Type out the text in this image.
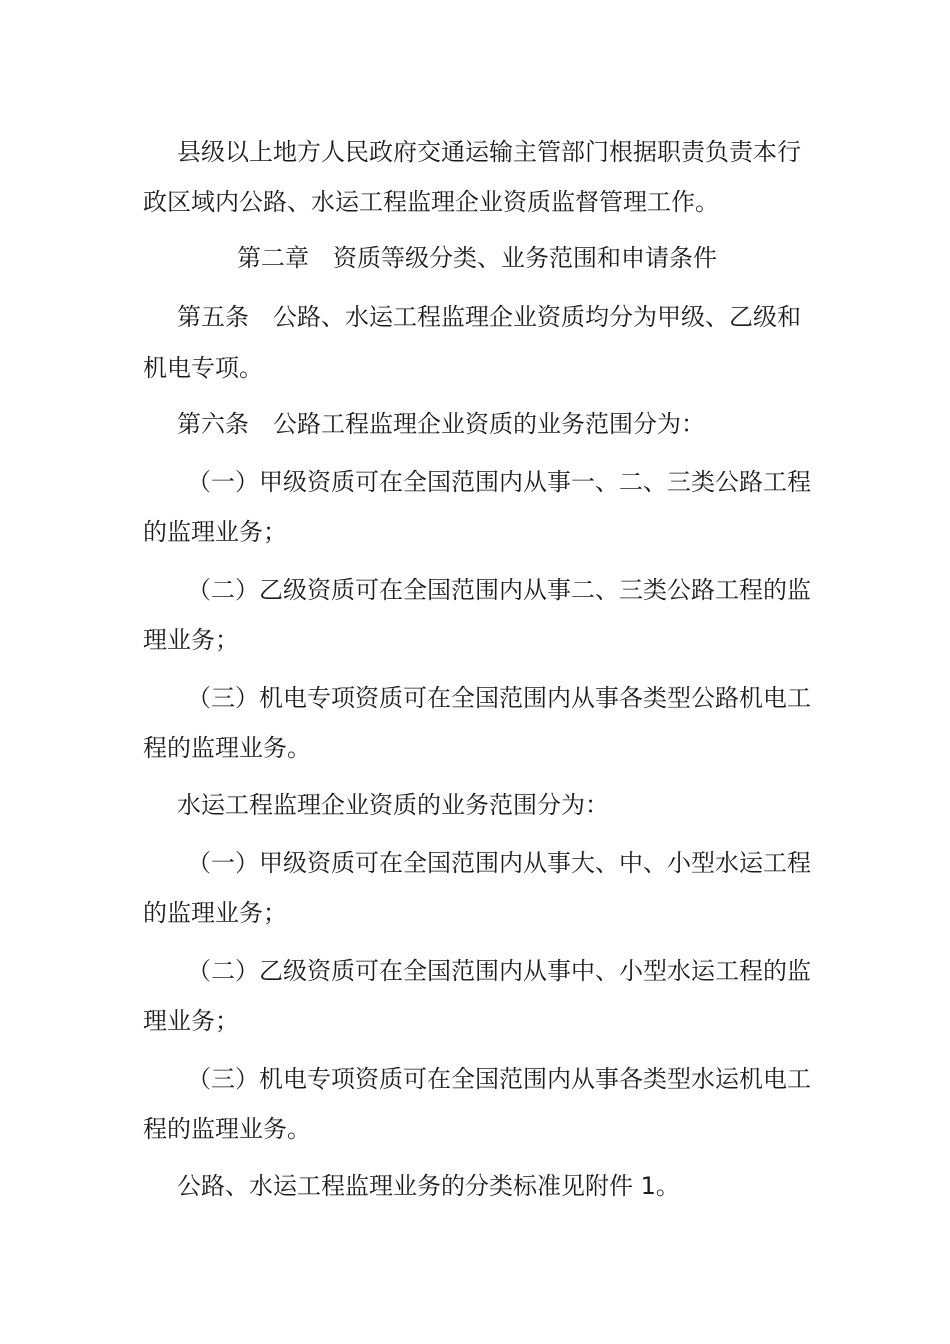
县级以上地方人民政府交通运输主管部门根据职责负责本行
政区域内公路、水运工程监理企业资质监督管理工作。
第二章　资质等级分类、业务范围和申请条件
第五条　公路、水运工程监理企业资质均分为甲级、乙级和
机电专项。
第六条　公路工程监理企业资质的业务范围分为：
（一）甲级资质可在全国范围内从事一、二、三类公路工程
的监理业务；
（二）乙级资质可在全国范围内从事二、三类公路工程的监
理业务；
（三）机电专项资质可在全国范围内从事各类型公路机电工
程的监理业务。
水运工程监理企业资质的业务范围分为：
（一）甲级资质可在全国范围内从事大、中、小型水运工程
的监理业务；
（二）乙级资质可在全国范围内从事中、小型水运工程的监
理业务；
（三）机电专项资质可在全国范围内从事各类型水运机电工
程的监理业务。
公路、水运工程监理业务的分类标准见附件 1。
